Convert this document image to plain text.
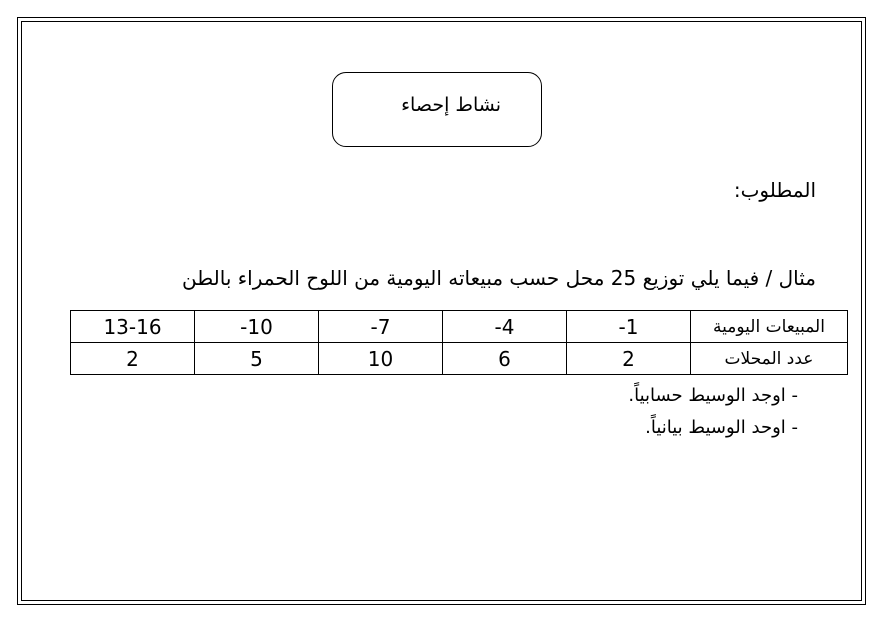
نشاط إحصاء
المطلوب:
مثال / فيما يلي توزيع 25 محل حسب مبيعاته اليومية من اللوح الحمراء بالطن
المبيعات اليومية	1-	4-	7-	10-	13-16
عدد المحلات	2	6	10	5	2
- اوجد الوسيط حسابياً.
- اوحد الوسيط بيانياً.
